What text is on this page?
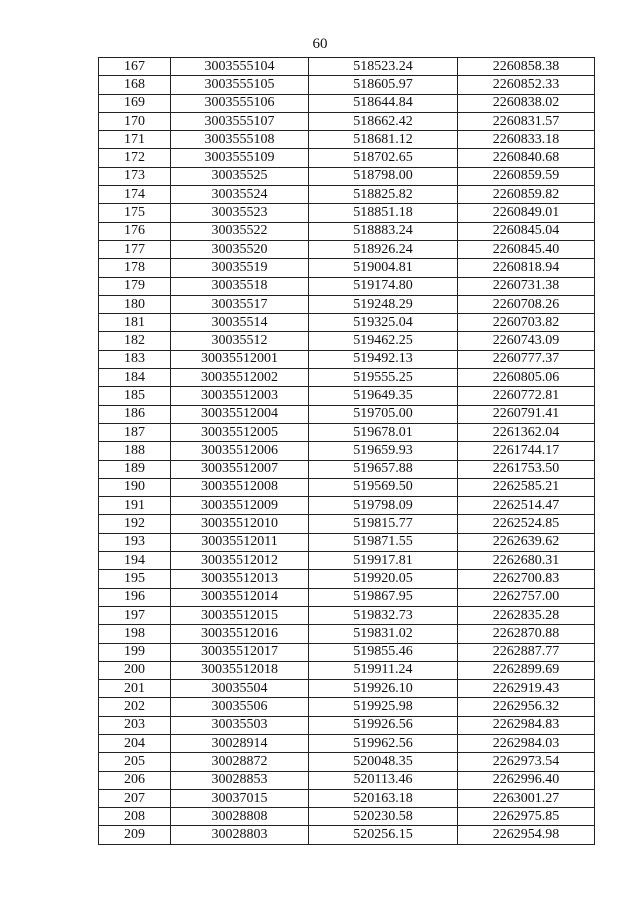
60
167	3003555104	518523.24	2260858.38
168	3003555105	518605.97	2260852.33
169	3003555106	518644.84	2260838.02
170	3003555107	518662.42	2260831.57
171	3003555108	518681.12	2260833.18
172	3003555109	518702.65	2260840.68
173	30035525	518798.00	2260859.59
174	30035524	518825.82	2260859.82
175	30035523	518851.18	2260849.01
176	30035522	518883.24	2260845.04
177	30035520	518926.24	2260845.40
178	30035519	519004.81	2260818.94
179	30035518	519174.80	2260731.38
180	30035517	519248.29	2260708.26
181	30035514	519325.04	2260703.82
182	30035512	519462.25	2260743.09
183	30035512001	519492.13	2260777.37
184	30035512002	519555.25	2260805.06
185	30035512003	519649.35	2260772.81
186	30035512004	519705.00	2260791.41
187	30035512005	519678.01	2261362.04
188	30035512006	519659.93	2261744.17
189	30035512007	519657.88	2261753.50
190	30035512008	519569.50	2262585.21
191	30035512009	519798.09	2262514.47
192	30035512010	519815.77	2262524.85
193	30035512011	519871.55	2262639.62
194	30035512012	519917.81	2262680.31
195	30035512013	519920.05	2262700.83
196	30035512014	519867.95	2262757.00
197	30035512015	519832.73	2262835.28
198	30035512016	519831.02	2262870.88
199	30035512017	519855.46	2262887.77
200	30035512018	519911.24	2262899.69
201	30035504	519926.10	2262919.43
202	30035506	519925.98	2262956.32
203	30035503	519926.56	2262984.83
204	30028914	519962.56	2262984.03
205	30028872	520048.35	2262973.54
206	30028853	520113.46	2262996.40
207	30037015	520163.18	2263001.27
208	30028808	520230.58	2262975.85
209	30028803	520256.15	2262954.98
